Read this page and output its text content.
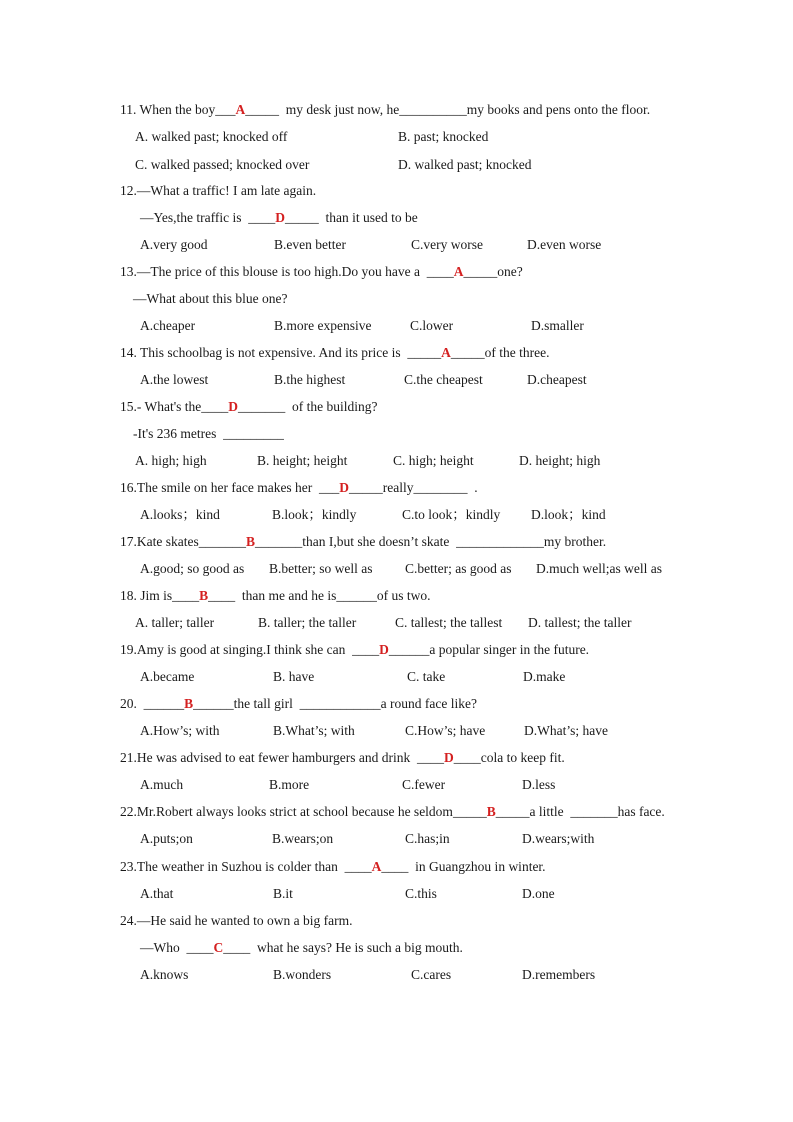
11. When the boy___A_____  my desk just now, he__________my books and pens onto the floor.
A. walked past; knocked off	B. past; knocked
C. walked passed; knocked over	D. walked past; knocked
12.—What a traffic! I am late again.
—Yes,the traffic is  ____D_____  than it used to be
A.very good	B.even better	C.very worse	D.even worse
13.—The price of this blouse is too high.Do you have a  ____A_____one?
—What about this blue one?
A.cheaper	B.more expensive	C.lower	D.smaller
14. This schoolbag is not expensive. And its price is  _____A_____of the three.
A.the lowest	B.the highest	C.the cheapest	D.cheapest
15.- What's the____D_______  of the building?
-It's 236 metres  _________
A. high; high	B. height; height	C. high; height	D. height; high
16.The smile on her face makes her  ___D_____really________  .
A.looks；kind	B.look；kindly	C.to look；kindly D.look；kind
17.Kate skates_______B_______than I,but she doesn’t skate  _____________my brother.
A.good; so good as B.better; so well as C.better; as good as D.much well;as well as
18. Jim is____B____  than me and he is______of us two.
A. taller; taller	B. taller; the taller	C. tallest; the tallest D. tallest; the taller
19.Amy is good at singing.I think she can  ____D______a popular singer in the future.
A.became	B. have	C. take	D.make
20.  ______B______the tall girl  ____________a round face like?
A.How’s; with	B.What’s; with	C.How’s; have	D.What’s; have
21.He was advised to eat fewer hamburgers and drink  ____D____cola to keep fit.
A.much	B.more	C.fewer	D.less
22.Mr.Robert always looks strict at school because he seldom_____B_____a little  _______has face.
A.puts;on	B.wears;on	C.has;in	D.wears;with
23.The weather in Suzhou is colder than  ____A____  in Guangzhou in winter.
A.that	B.it	C.this	D.one
24.—He said he wanted to own a big farm.
—Who  ____C____  what he says? He is such a big mouth.
A.knows	B.wonders	C.cares	D.remembers
